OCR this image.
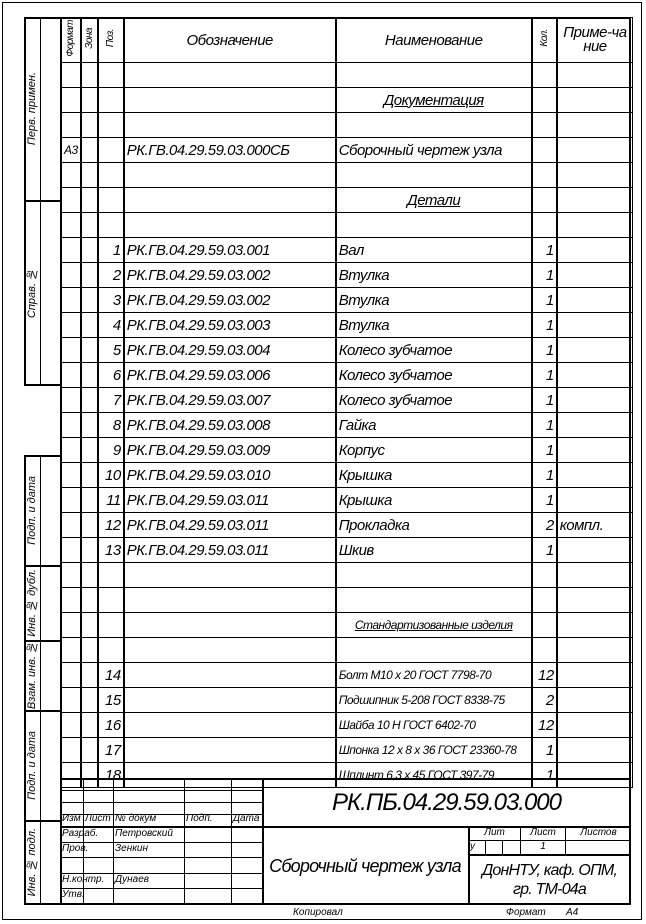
Перв. примен.
Справ. №
Подп. и дата
Инв. № дубл.
Взам. инв. №
Подп. и дата
Инв. № подл.
Формат	Зона	Поз.	Обозначение	Наименование	Кол.	Приме-чание

				Документация		

А3			РК.ГВ.04.29.59.03.000СБ	Сборочный чертеж узла		

				Детали		

		1	РК.ГВ.04.29.59.03.001	Вал	1	
		2	РК.ГВ.04.29.59.03.002	Втулка	1	
		3	РК.ГВ.04.29.59.03.002	Втулка	1	
		4	РК.ГВ.04.29.59.03.003	Втулка	1	
		5	РК.ГВ.04.29.59.03.004	Колесо зубчатое	1	
		6	РК.ГВ.04.29.59.03.006	Колесо зубчатое	1	
		7	РК.ГВ.04.29.59.03.007	Колесо зубчатое	1	
		8	РК.ГВ.04.29.59.03.008	Гайка	1	
		9	РК.ГВ.04.29.59.03.009	Корпус	1	
		10	РК.ГВ.04.29.59.03.010	Крышка	1	
		11	РК.ГВ.04.29.59.03.011	Крышка	1	
		12	РК.ГВ.04.29.59.03.011	Прокладка	2	компл.
		13	РК.ГВ.04.29.59.03.011	Шкив	1	

				Стандартизованные изделия		

		14		Болт М10 х 20 ГОСТ 7798-70	12	
		15		Подшипник 5-208 ГОСТ 8338-75	2	
		16		Шайба 10 Н ГОСТ 6402-70	12	
		17		Шпонка 12 х 8 х 36 ГОСТ 23360-78	1	
		18		Шплинт 6,3 х 45 ГОСТ 397-79	1	
Изм Лист № докум	Подп. Дата
Разраб. Петровский
Пров.	Зенкин
Н.контр. Дунаев
Утв.
РК.ПБ.04.29.59.03.000
Сборочный чертеж узла
Лит	Лист	Листов
у	1
ДонНТУ, каф. ОПМ,
гр. ТМ-04а
Копировал	Формат А4
